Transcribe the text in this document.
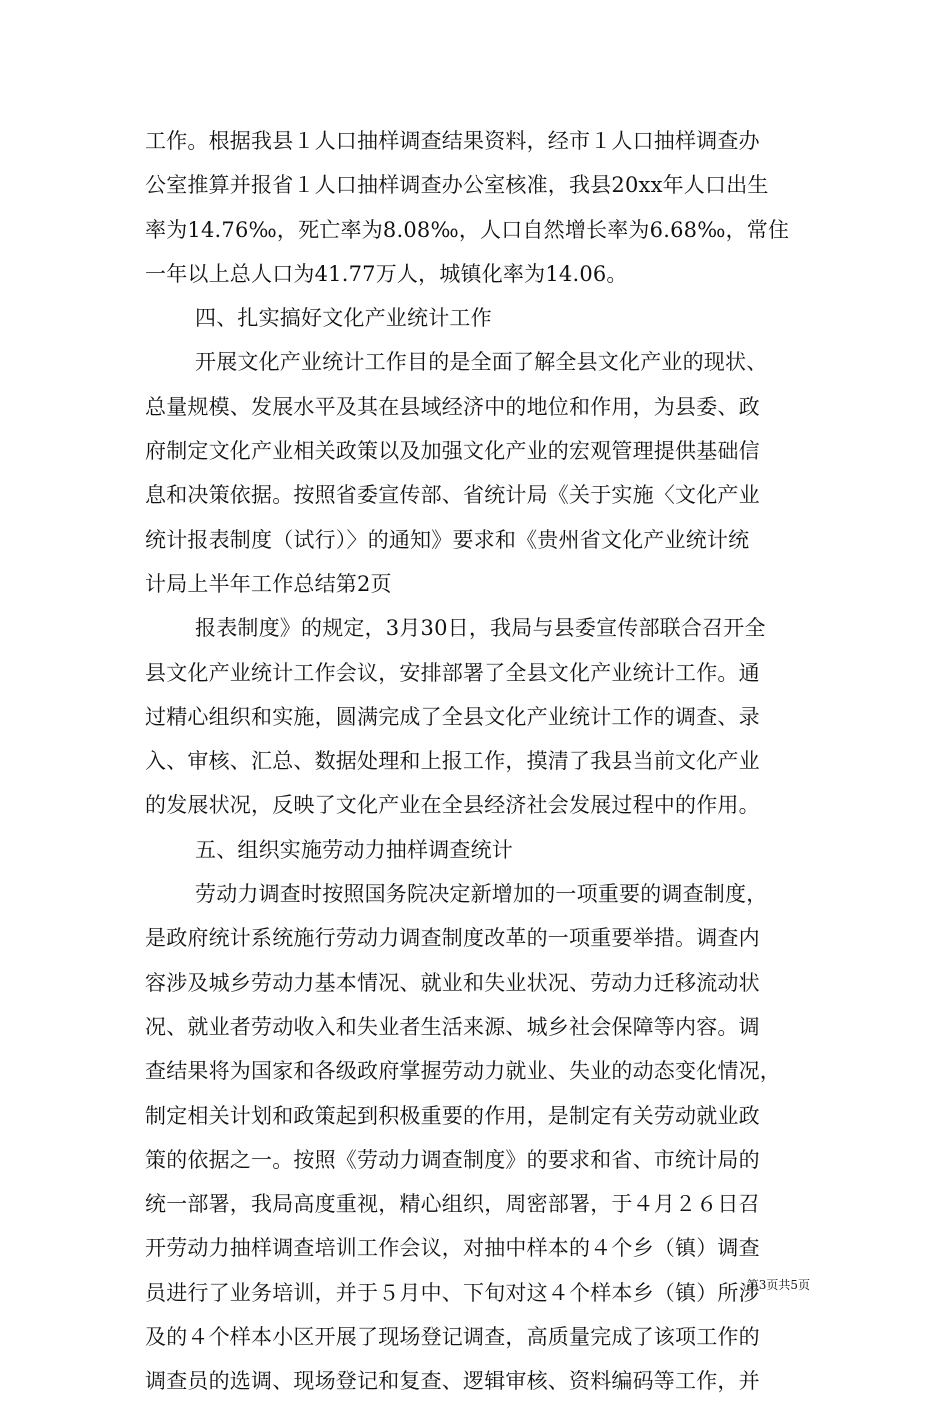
工作。根据我县１人口抽样调查结果资料，经市１人口抽样调查办
公室推算并报省１人口抽样调查办公室核准，我县20xx年人口出生
率为14.76‰，死亡率为8.08‰，人口自然增长率为6.68‰，常住
一年以上总人口为41.77万人，城镇化率为14.06。
四、扎实搞好文化产业统计工作
开展文化产业统计工作目的是全面了解全县文化产业的现状、
总量规模、发展水平及其在县域经济中的地位和作用，为县委、政
府制定文化产业相关政策以及加强文化产业的宏观管理提供基础信
息和决策依据。按照省委宣传部、省统计局《关于实施〈文化产业
统计报表制度（试行）〉的通知》要求和《贵州省文化产业统计统
计局上半年工作总结第2页
报表制度》的规定，3月30日，我局与县委宣传部联合召开全
县文化产业统计工作会议，安排部署了全县文化产业统计工作。通
过精心组织和实施，圆满完成了全县文化产业统计工作的调查、录
入、审核、汇总、数据处理和上报工作，摸清了我县当前文化产业
的发展状况，反映了文化产业在全县经济社会发展过程中的作用。
五、组织实施劳动力抽样调查统计
劳动力调查时按照国务院决定新增加的一项重要的调查制度，
是政府统计系统施行劳动力调查制度改革的一项重要举措。调查内
容涉及城乡劳动力基本情况、就业和失业状况、劳动力迁移流动状
况、就业者劳动收入和失业者生活来源、城乡社会保障等内容。调
查结果将为国家和各级政府掌握劳动力就业、失业的动态变化情况，
制定相关计划和政策起到积极重要的作用，是制定有关劳动就业政
策的依据之一。按照《劳动力调查制度》的要求和省、市统计局的
统一部署，我局高度重视，精心组织，周密部署，于４月２６日召
开劳动力抽样调查培训工作会议，对抽中样本的４个乡（镇）调查
员进行了业务培训，并于５月中、下旬对这４个样本乡（镇）所涉
及的４个样本小区开展了现场登记调查，高质量完成了该项工作的
调查员的选调、现场登记和复查、逻辑审核、资料编码等工作，并
第3页共5页
